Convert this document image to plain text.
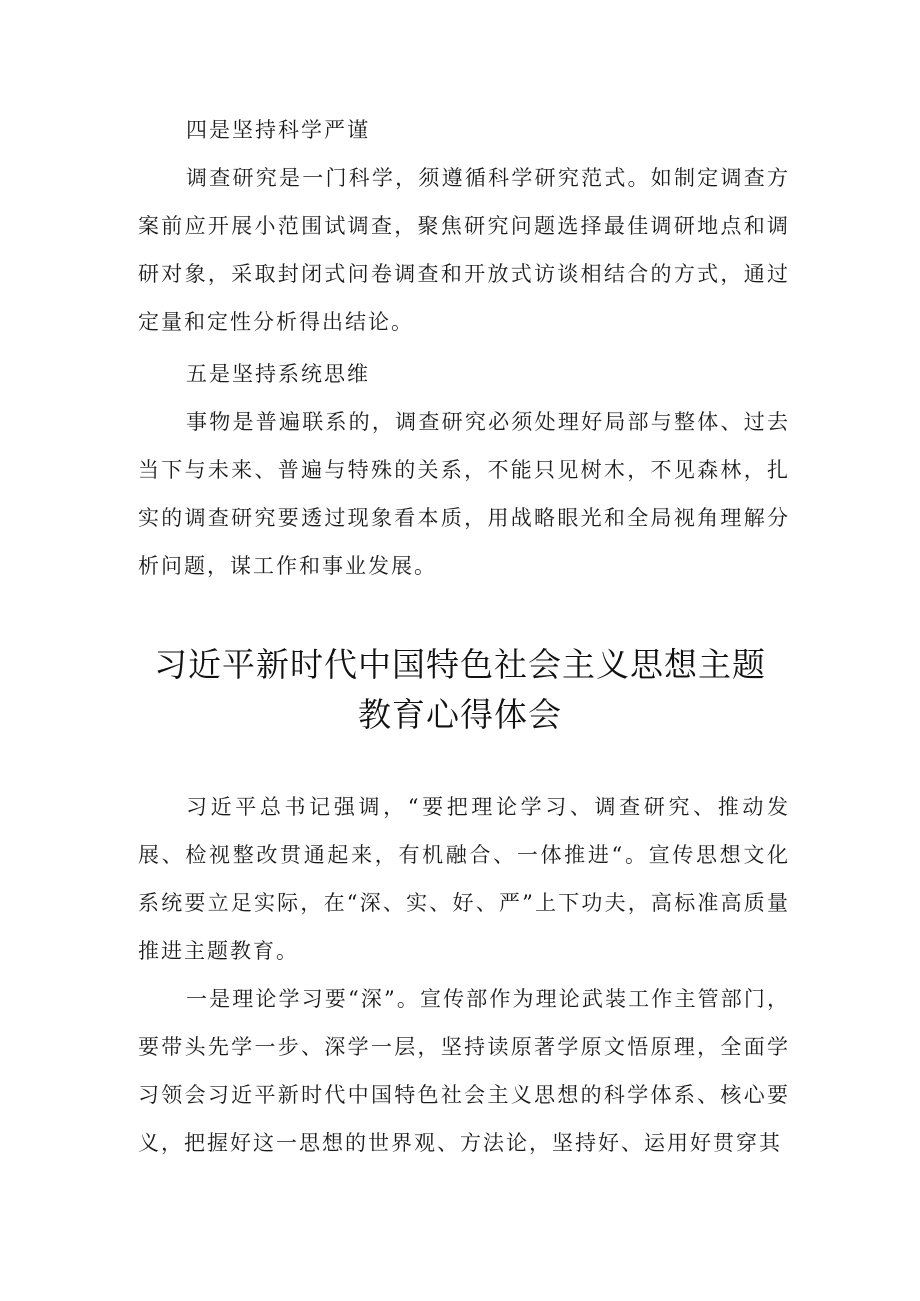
四是坚持科学严谨

调查研究是一门科学，须遵循科学研究范式。如制定调查方案前应开展小范围试调查，聚焦研究问题选择最佳调研地点和调研对象，采取封闭式问卷调查和开放式访谈相结合的方式，通过定量和定性分析得出结论。

五是坚持系统思维

事物是普遍联系的，调查研究必须处理好局部与整体、过去当下与未来、普遍与特殊的关系，不能只见树木，不见森林，扎实的调查研究要透过现象看本质，用战略眼光和全局视角理解分析问题，谋工作和事业发展。

习近平新时代中国特色社会主义思想主题

教育心得体会

习近平总书记强调，“要把理论学习、调查研究、推动发展、检视整改贯通起来，有机融合、一体推进“。宣传思想文化系统要立足实际，在“深、实、好、严”上下功夫，高标准高质量推进主题教育。

一是理论学习要“深”。宣传部作为理论武装工作主管部门，要带头先学一步、深学一层，坚持读原著学原文悟原理，全面学习领会习近平新时代中国特色社会主义思想的科学体系、核心要义，把握好这一思想的世界观、方法论，坚持好、运用好贯穿其
